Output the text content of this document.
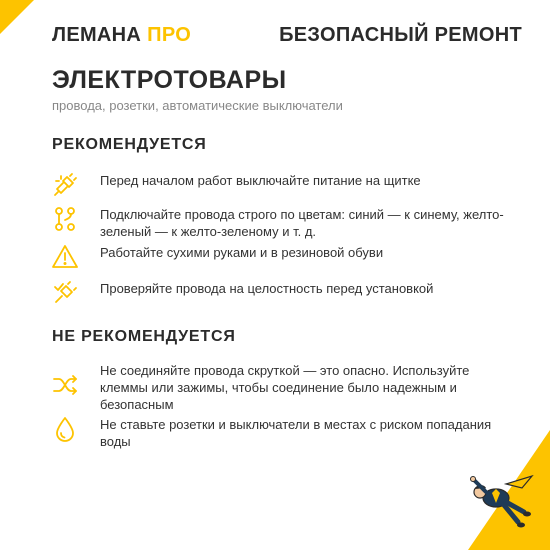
ЛЕМАНА ПРО	БЕЗОПАСНЫЙ РЕМОНТ
ЭЛЕКТРОТОВАРЫ

провода, розетки, автоматические выключатели

РЕКОМЕНДУЕТСЯ
Перед началом работ выключайте питание на щитке
Подключайте провода строго по цветам: синий — к синему, желто-зеленый — к желто-зеленому и т. д.
Работайте сухими руками и в резиновой обуви
Проверяйте провода на целостность перед установкой
НЕ РЕКОМЕНДУЕТСЯ
Не соединяйте провода скруткой — это опасно. Используйте клеммы или зажимы, чтобы соединение было надежным и безопасным
Не ставьте розетки и выключатели в местах с риском попадания воды
